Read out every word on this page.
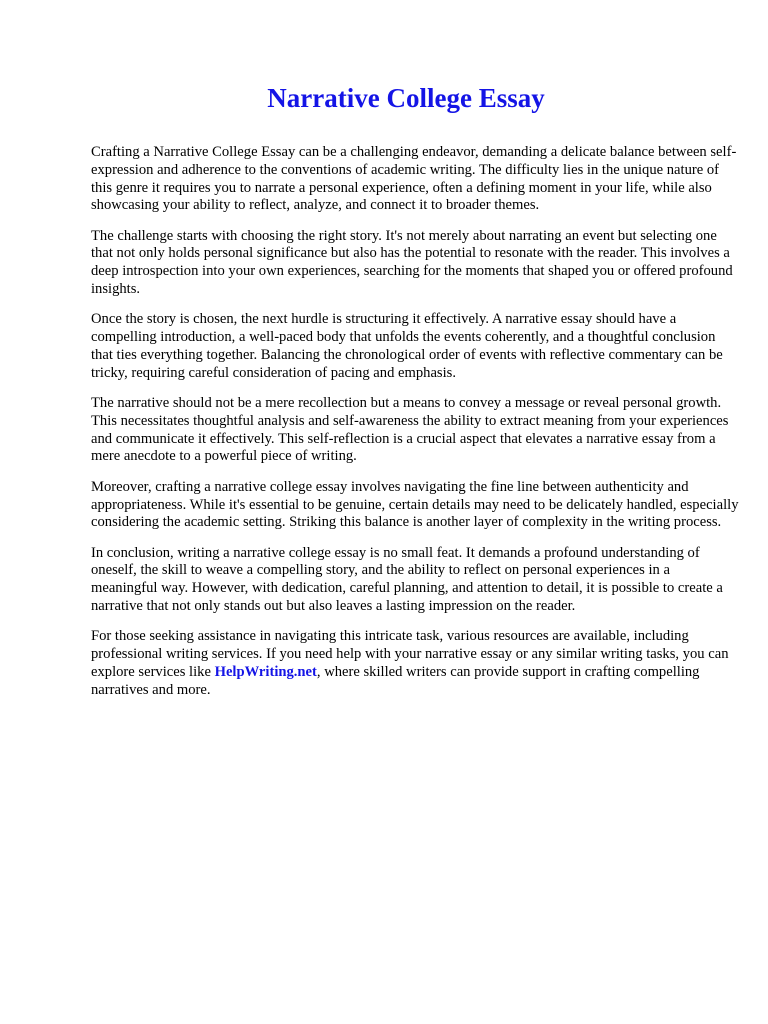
Narrative College Essay

Crafting a Narrative College Essay can be a challenging endeavor, demanding a delicate balance between self-expression and adherence to the conventions of academic writing. The difficulty lies in the unique nature of this genre it requires you to narrate a personal experience, often a defining moment in your life, while also showcasing your ability to reflect, analyze, and connect it to broader themes.

The challenge starts with choosing the right story. It's not merely about narrating an event but selecting one that not only holds personal significance but also has the potential to resonate with the reader. This involves a deep introspection into your own experiences, searching for the moments that shaped you or offered profound insights.

Once the story is chosen, the next hurdle is structuring it effectively. A narrative essay should have a compelling introduction, a well-paced body that unfolds the events coherently, and a thoughtful conclusion that ties everything together. Balancing the chronological order of events with reflective commentary can be tricky, requiring careful consideration of pacing and emphasis.

The narrative should not be a mere recollection but a means to convey a message or reveal personal growth. This necessitates thoughtful analysis and self-awareness the ability to extract meaning from your experiences and communicate it effectively. This self-reflection is a crucial aspect that elevates a narrative essay from a mere anecdote to a powerful piece of writing.

Moreover, crafting a narrative college essay involves navigating the fine line between authenticity and appropriateness. While it's essential to be genuine, certain details may need to be delicately handled, especially considering the academic setting. Striking this balance is another layer of complexity in the writing process.

In conclusion, writing a narrative college essay is no small feat. It demands a profound understanding of oneself, the skill to weave a compelling story, and the ability to reflect on personal experiences in a meaningful way. However, with dedication, careful planning, and attention to detail, it is possible to create a narrative that not only stands out but also leaves a lasting impression on the reader.

For those seeking assistance in navigating this intricate task, various resources are available, including professional writing services. If you need help with your narrative essay or any similar writing tasks, you can explore services like HelpWriting.net, where skilled writers can provide support in crafting compelling narratives and more.
